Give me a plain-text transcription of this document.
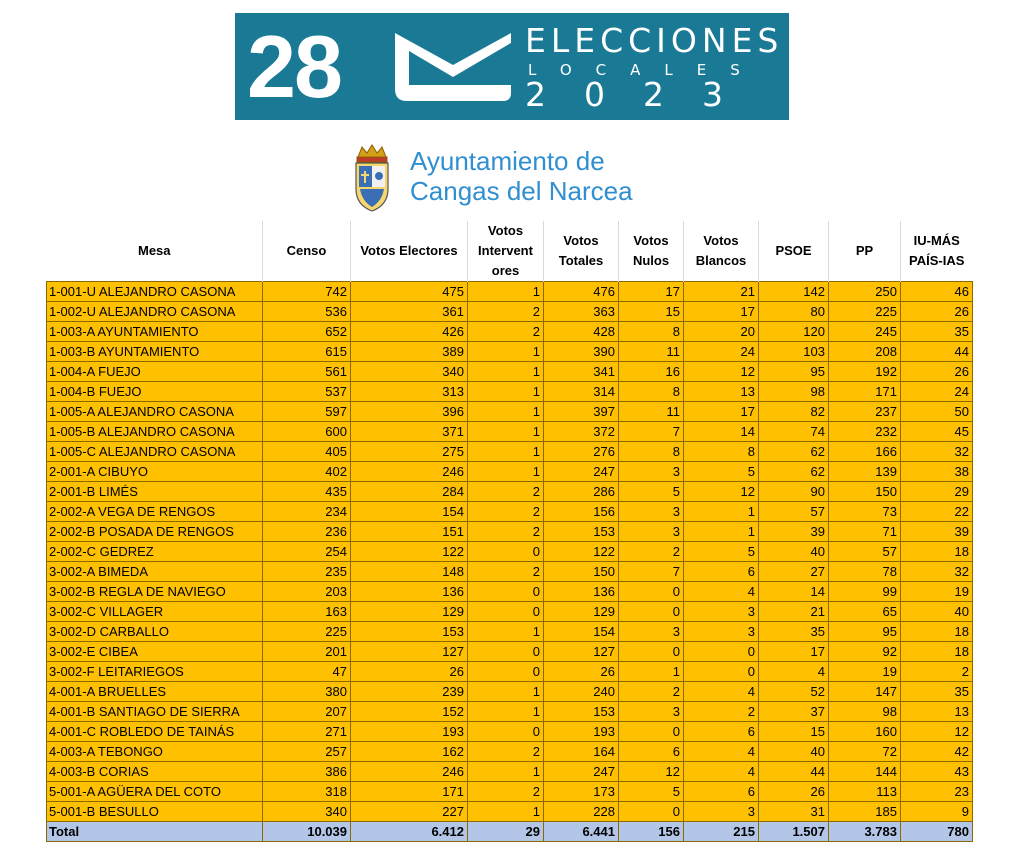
28	ELECCIONES
LOCALES
2023
Ayuntamiento de
Cangas del Narcea
Mesa	Censo	Votos Electores	Votos Intervent ores	Votos Totales	Votos Nulos	Votos Blancos	PSOE	PP	IU-MÁS PAÍS-IAS
1-001-U ALEJANDRO CASONA	742	475	1	476	17	21	142	250	46
1-002-U ALEJANDRO CASONA	536	361	2	363	15	17	80	225	26
1-003-A AYUNTAMIENTO	652	426	2	428	8	20	120	245	35
1-003-B AYUNTAMIENTO	615	389	1	390	11	24	103	208	44
1-004-A FUEJO	561	340	1	341	16	12	95	192	26
1-004-B FUEJO	537	313	1	314	8	13	98	171	24
1-005-A ALEJANDRO CASONA	597	396	1	397	11	17	82	237	50
1-005-B ALEJANDRO CASONA	600	371	1	372	7	14	74	232	45
1-005-C ALEJANDRO CASONA	405	275	1	276	8	8	62	166	32
2-001-A CIBUYO	402	246	1	247	3	5	62	139	38
2-001-B LIMÉS	435	284	2	286	5	12	90	150	29
2-002-A VEGA DE RENGOS	234	154	2	156	3	1	57	73	22
2-002-B POSADA DE RENGOS	236	151	2	153	3	1	39	71	39
2-002-C GEDREZ	254	122	0	122	2	5	40	57	18
3-002-A BIMEDA	235	148	2	150	7	6	27	78	32
3-002-B REGLA DE NAVIEGO	203	136	0	136	0	4	14	99	19
3-002-C VILLAGER	163	129	0	129	0	3	21	65	40
3-002-D CARBALLO	225	153	1	154	3	3	35	95	18
3-002-E CIBEA	201	127	0	127	0	0	17	92	18
3-002-F LEITARIEGOS	47	26	0	26	1	0	4	19	2
4-001-A BRUELLES	380	239	1	240	2	4	52	147	35
4-001-B SANTIAGO DE SIERRA	207	152	1	153	3	2	37	98	13
4-001-C ROBLEDO DE TAINÁS	271	193	0	193	0	6	15	160	12
4-003-A TEBONGO	257	162	2	164	6	4	40	72	42
4-003-B CORIAS	386	246	1	247	12	4	44	144	43
5-001-A AGÜERA DEL COTO	318	171	2	173	5	6	26	113	23
5-001-B BESULLO	340	227	1	228	0	3	31	185	9
Total	10.039	6.412	29	6.441	156	215	1.507	3.783	780
